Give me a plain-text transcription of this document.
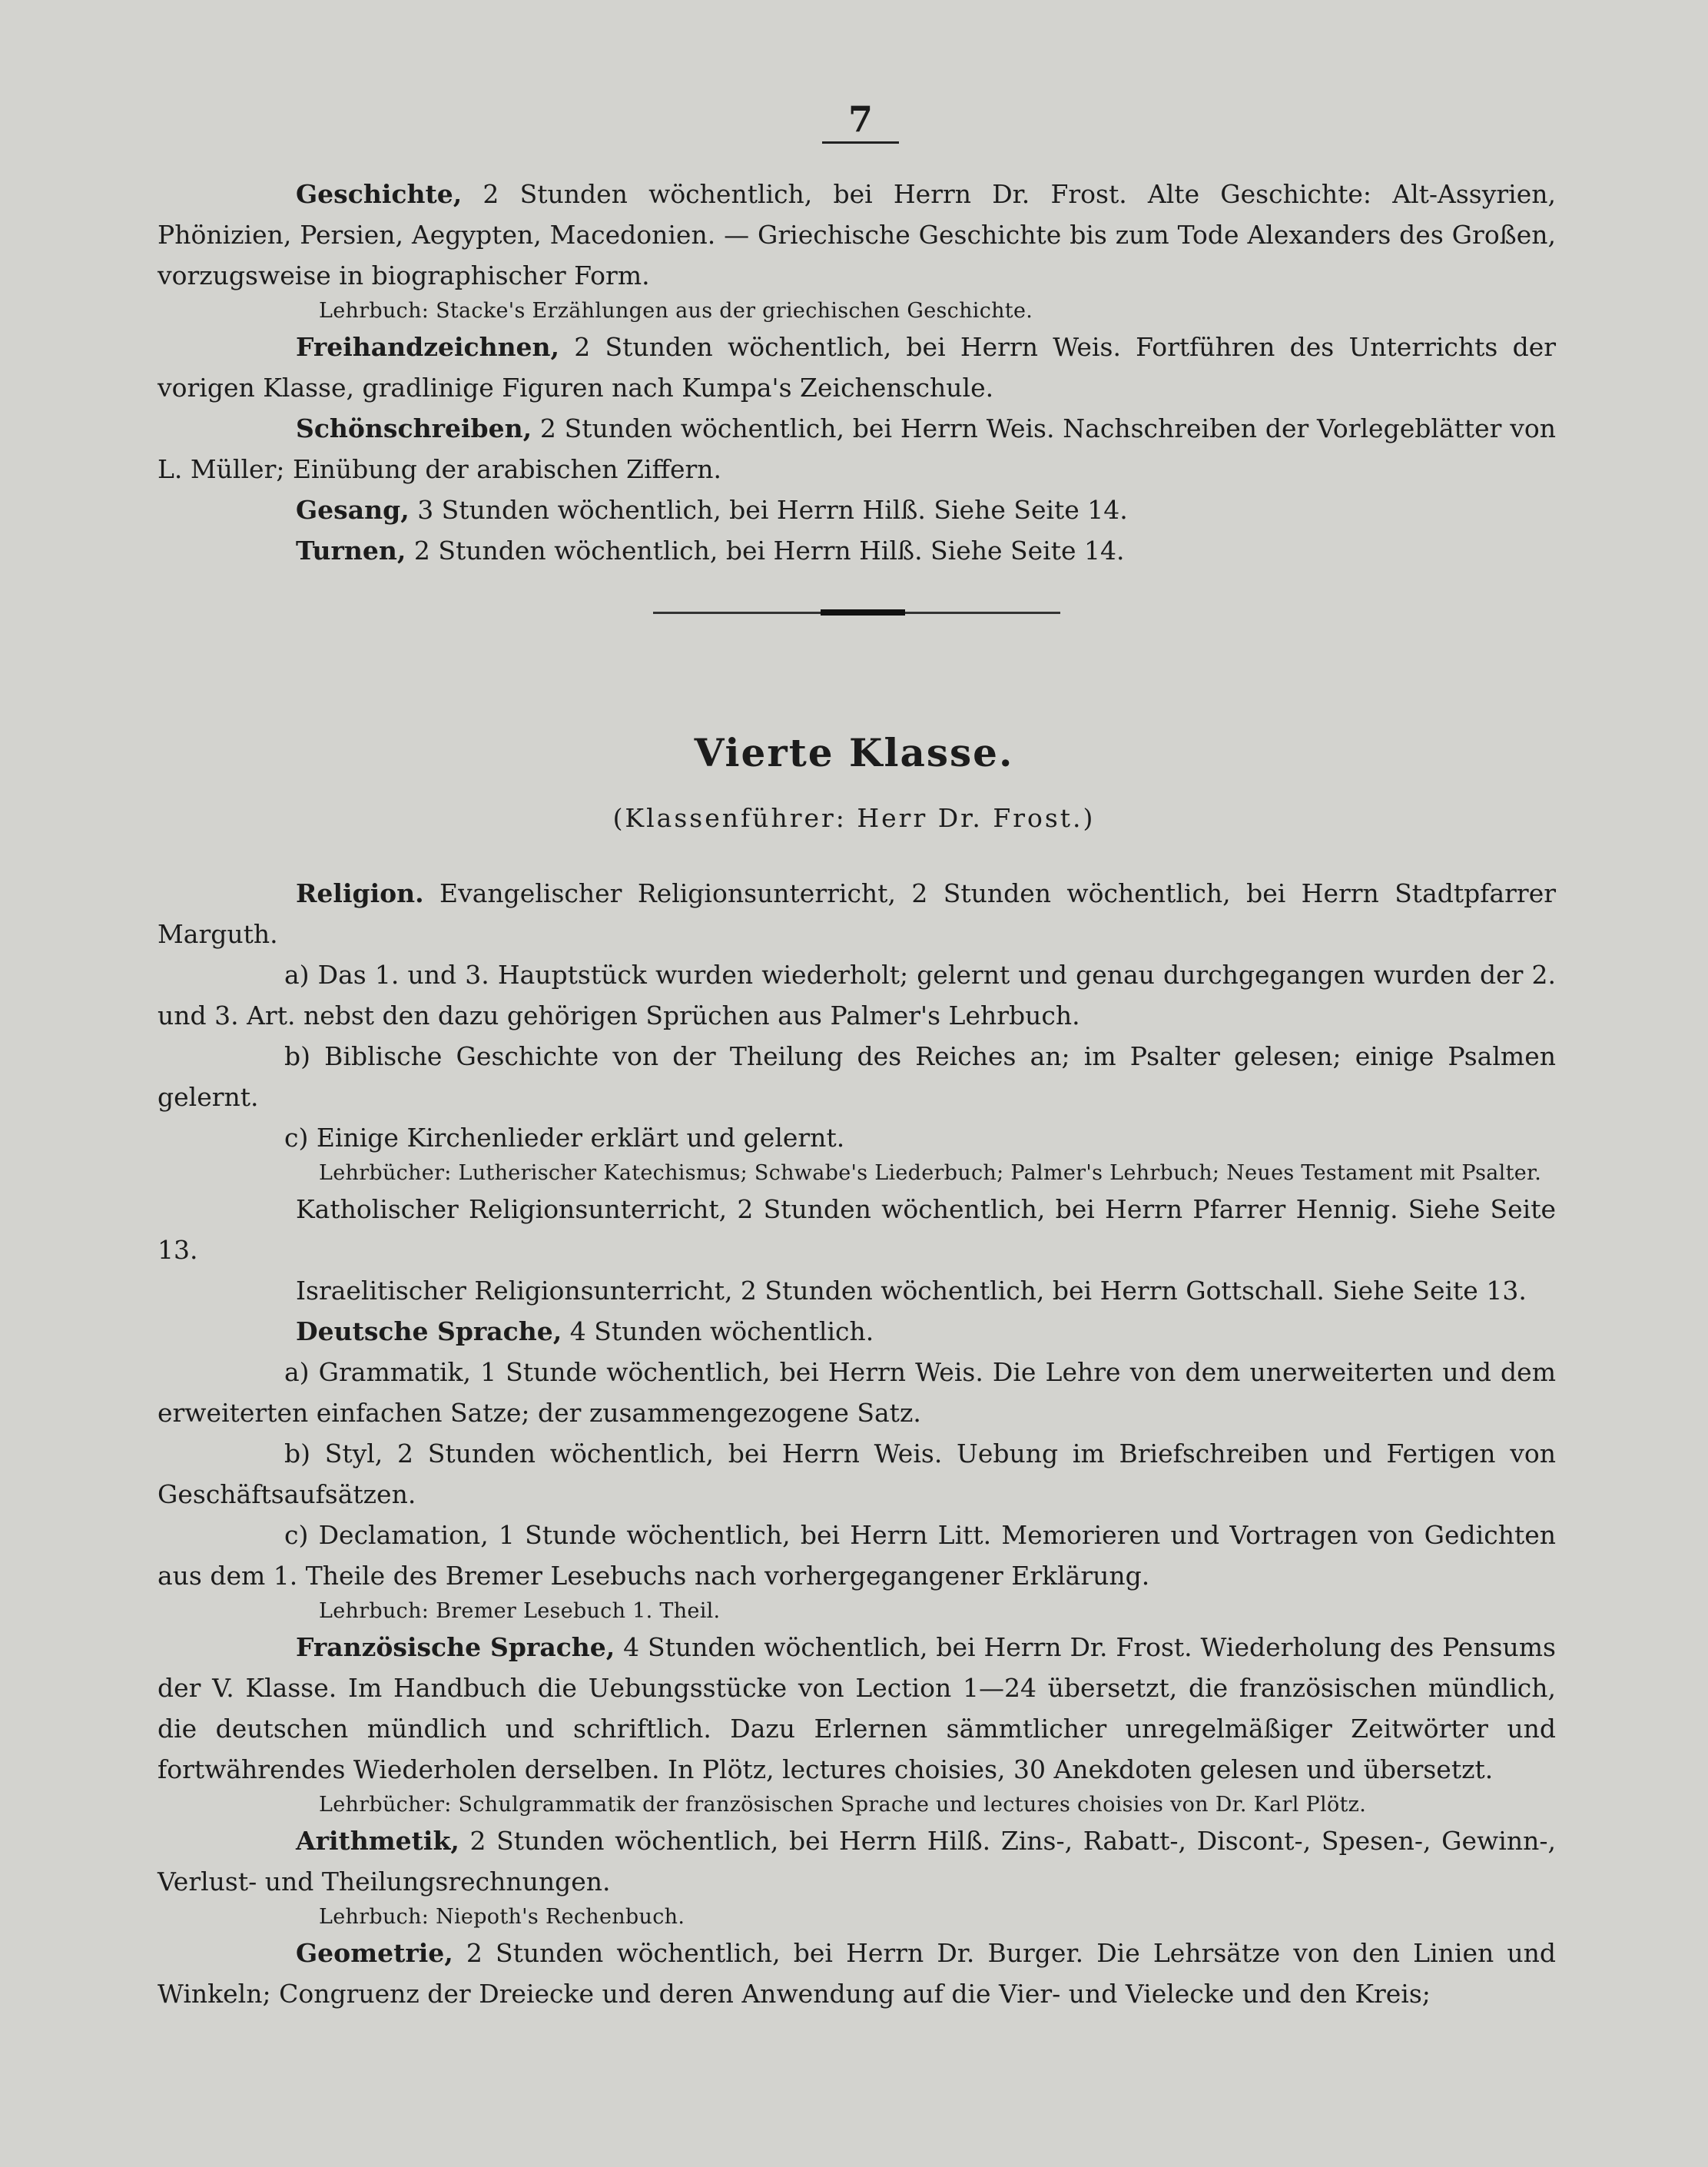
7

Geschichte, 2 Stunden wöchentlich, bei Herrn Dr. Frost. Alte Geschichte: Alt-Assyrien, Phönizien, Persien, Aegypten, Macedonien. — Griechische Geschichte bis zum Tode Alexanders des Großen, vorzugsweise in biographischer Form.

Lehrbuch: Stacke's Erzählungen aus der griechischen Geschichte.

Freihandzeichnen, 2 Stunden wöchentlich, bei Herrn Weis. Fortführen des Unterrichts der vorigen Klasse, gradlinige Figuren nach Kumpa's Zeichenschule.

Schönschreiben, 2 Stunden wöchentlich, bei Herrn Weis. Nachschreiben der Vorlegeblätter von L. Müller; Einübung der arabischen Ziffern.

Gesang, 3 Stunden wöchentlich, bei Herrn Hilß. Siehe Seite 14.

Turnen, 2 Stunden wöchentlich, bei Herrn Hilß. Siehe Seite 14.

Vierte Klasse.
(Klassenführer: Herr Dr. Frost.)

Religion. Evangelischer Religionsunterricht, 2 Stunden wöchentlich, bei Herrn Stadtpfarrer Marguth.

a) Das 1. und 3. Hauptstück wurden wiederholt; gelernt und genau durchgegangen wurden der 2. und 3. Art. nebst den dazu gehörigen Sprüchen aus Palmer's Lehrbuch.

b) Biblische Geschichte von der Theilung des Reiches an; im Psalter gelesen; einige Psalmen gelernt.

c) Einige Kirchenlieder erklärt und gelernt.

Lehrbücher: Lutherischer Katechismus; Schwabe's Liederbuch; Palmer's Lehrbuch; Neues Testament mit Psalter.

Katholischer Religionsunterricht, 2 Stunden wöchentlich, bei Herrn Pfarrer Hennig. Siehe Seite 13.

Israelitischer Religionsunterricht, 2 Stunden wöchentlich, bei Herrn Gottschall. Siehe Seite 13.

Deutsche Sprache, 4 Stunden wöchentlich.

a) Grammatik, 1 Stunde wöchentlich, bei Herrn Weis. Die Lehre von dem unerweiterten und dem erweiterten einfachen Satze; der zusammengezogene Satz.

b) Styl, 2 Stunden wöchentlich, bei Herrn Weis. Uebung im Briefschreiben und Fertigen von Geschäftsaufsätzen.

c) Declamation, 1 Stunde wöchentlich, bei Herrn Litt. Memorieren und Vortragen von Gedichten aus dem 1. Theile des Bremer Lesebuchs nach vorhergegangener Erklärung.

Lehrbuch: Bremer Lesebuch 1. Theil.

Französische Sprache, 4 Stunden wöchentlich, bei Herrn Dr. Frost. Wiederholung des Pensums der V. Klasse. Im Handbuch die Uebungsstücke von Lection 1—24 übersetzt, die französischen mündlich, die deutschen mündlich und schriftlich. Dazu Erlernen sämmtlicher unregelmäßiger Zeitwörter und fortwährendes Wiederholen derselben. In Plötz, lectures choisies, 30 Anekdoten gelesen und übersetzt.

Lehrbücher: Schulgrammatik der französischen Sprache und lectures choisies von Dr. Karl Plötz.

Arithmetik, 2 Stunden wöchentlich, bei Herrn Hilß. Zins-, Rabatt-, Discont-, Spesen-, Gewinn-, Verlust- und Theilungsrechnungen.

Lehrbuch: Niepoth's Rechenbuch.

Geometrie, 2 Stunden wöchentlich, bei Herrn Dr. Burger. Die Lehrsätze von den Linien und Winkeln; Congruenz der Dreiecke und deren Anwendung auf die Vier- und Vielecke und den Kreis;
